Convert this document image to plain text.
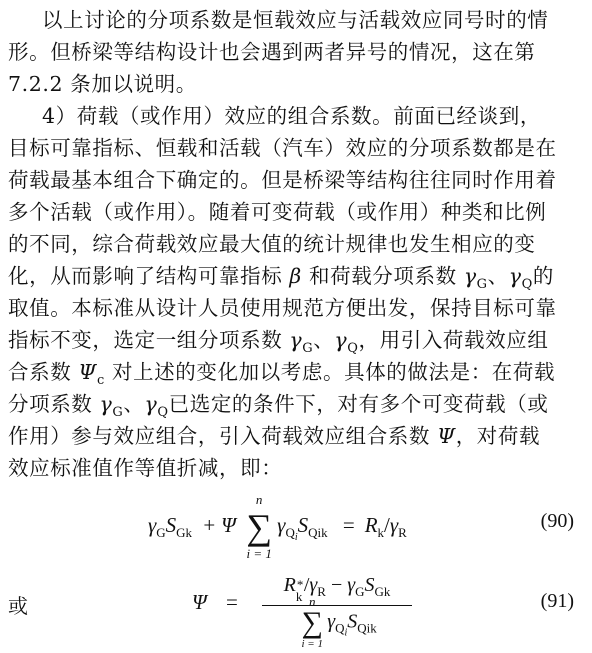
以上讨论的分项系数是恒载效应与活载效应同号时的情
形。但桥梁等结构设计也会遇到两者异号的情况，这在第
7.2.2 条加以说明。
4）荷载（或作用）效应的组合系数。前面已经谈到，
目标可靠指标、恒载和活载（汽车）效应的分项系数都是在
荷载最基本组合下确定的。但是桥梁等结构往往同时作用着
多个活载（或作用）。随着可变荷载（或作用）种类和比例
的不同，综合荷载效应最大值的统计规律也发生相应的变
化，从而影响了结构可靠指标 β 和荷载分项系数 $\gamma_G$、$\gamma_Q$的
取值。本标准从设计人员使用规范方便出发，保持目标可靠
指标不变，选定一组分项系数 $\gamma_G$、$\gamma_Q$，用引入荷载效应组
合系数 $\Psi_c$ 对上述的变化加以考虑。具体的做法是：在荷载
分项系数 $\gamma_G$、$\gamma_Q$已选定的条件下，对有多个可变荷载（或
作用）参与效应组合，引入荷载效应组合系数 Ψ，对荷载
效应标准值作等值折减，即：
$\gamma_GS_{Gk} + \Psi$
n
∑
i = 1
$\gamma_{Qi}S_{Qik} = R_k/\gamma_R$
(90)
或	Ψ =
R
k
* $/\gamma_R - \gamma_GS_{Gk}$
n
∑
i = 1
$\gamma_{Qi}S_{Qik}$
(91)
